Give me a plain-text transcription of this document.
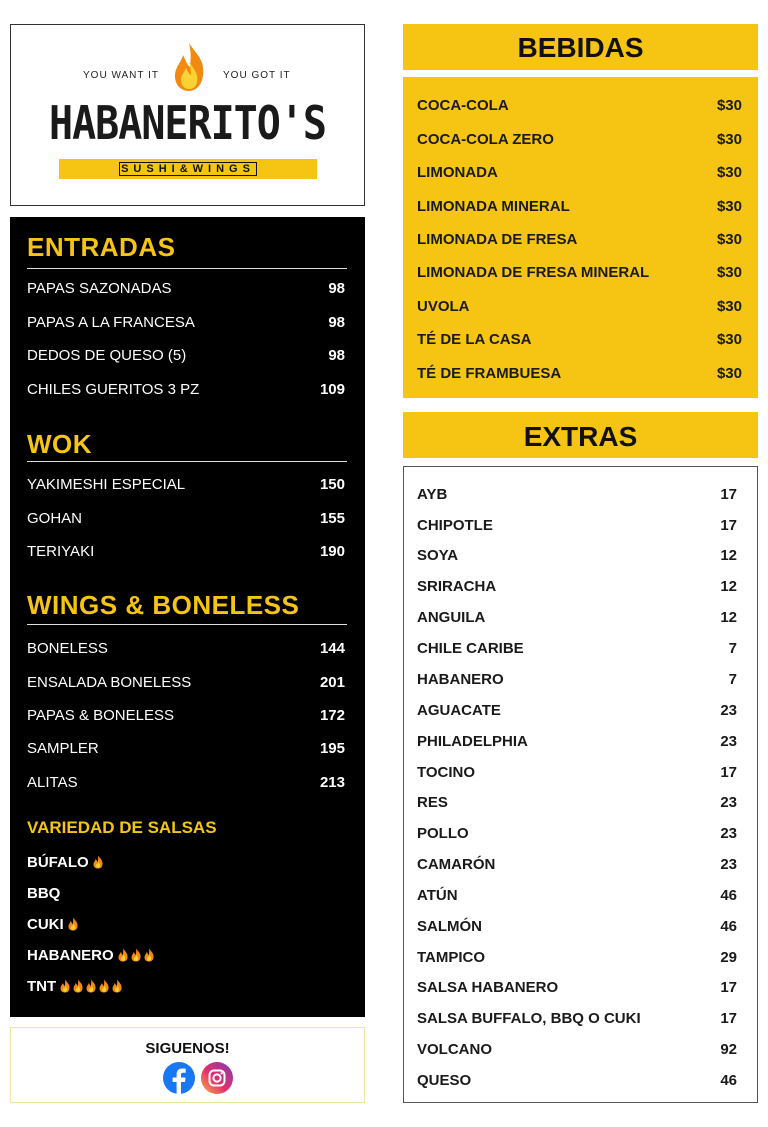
YOU WANT IT	YOU GOT IT
HABANERITO'S
SUSHI&WINGS
ENTRADAS
PAPAS SAZONADAS	98
PAPAS A LA FRANCESA	98
DEDOS DE QUESO (5)	98
CHILES GUERITOS 3 PZ	109
WOK
YAKIMESHI ESPECIAL	150
GOHAN	155
TERIYAKI	190
WINGS & BONELESS
BONELESS	144
ENSALADA BONELESS	201
PAPAS & BONELESS	172
SAMPLER	195
ALITAS	213
VARIEDAD DE SALSAS
BÚFALO
BBQ
CUKI
HABANERO
TNT
SIGUENOS!
BEBIDAS
COCA-COLA	$30
COCA-COLA ZERO	$30
LIMONADA	$30
LIMONADA MINERAL	$30
LIMONADA DE FRESA	$30
LIMONADA DE FRESA MINERAL	$30
UVOLA	$30
TÉ DE LA CASA	$30
TÉ DE FRAMBUESA	$30
EXTRAS
AYB	17
CHIPOTLE	17
SOYA	12
SRIRACHA	12
ANGUILA	12
CHILE CARIBE	7
HABANERO	7
AGUACATE	23
PHILADELPHIA	23
TOCINO	17
RES	23
POLLO	23
CAMARÓN	23
ATÚN	46
SALMÓN	46
TAMPICO	29
SALSA HABANERO	17
SALSA BUFFALO, BBQ O CUKI	17
VOLCANO	92
QUESO	46
